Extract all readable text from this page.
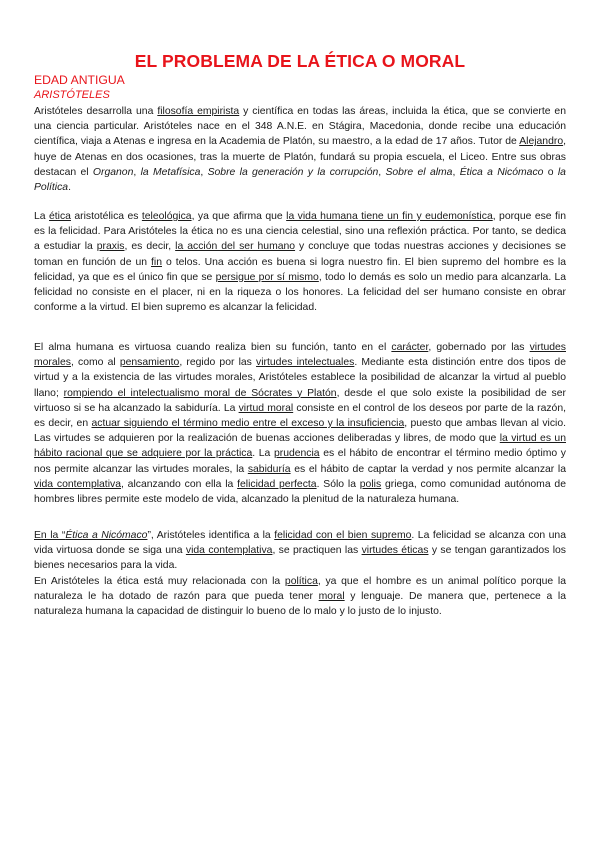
EL PROBLEMA DE LA ÉTICA O MORAL
EDAD ANTIGUA
ARISTÓTELES

Aristóteles desarrolla una filosofía empirista y científica en todas las áreas, incluida la ética, que se convierte en una ciencia particular. Aristóteles nace en el 348 A.N.E. en Stágira, Macedonia, donde recibe una educación científica, viaja a Atenas e ingresa en la Academia de Platón, su maestro, a la edad de 17 años. Tutor de Alejandro, huye de Atenas en dos ocasiones, tras la muerte de Platón, fundará su propia escuela, el Liceo. Entre sus obras destacan el Organon, la Metafísica, Sobre la generación y la corrupción, Sobre el alma, Ética a Nicómaco o la Política.

La ética aristotélica es teleológica, ya que afirma que la vida humana tiene un fin y eudemonística, porque ese fin es la felicidad. Para Aristóteles la ética no es una ciencia celestial, sino una reflexión práctica. Por tanto, se dedica a estudiar la praxis, es decir, la acción del ser humano y concluye que todas nuestras acciones y decisiones se toman en función de un fin o telos. Una acción es buena si logra nuestro fin. El bien supremo del hombre es la felicidad, ya que es el único fin que se persigue por sí mismo, todo lo demás es solo un medio para alcanzarla. La felicidad no consiste en el placer, ni en la riqueza o los honores. La felicidad del ser humano consiste en obrar conforme a la virtud. El bien supremo es alcanzar la felicidad.

El alma humana es virtuosa cuando realiza bien su función, tanto en el carácter, gobernado por las virtudes morales, como al pensamiento, regido por las virtudes intelectuales. Mediante esta distinción entre dos tipos de virtud y a la existencia de las virtudes morales, Aristóteles establece la posibilidad de alcanzar la virtud al pueblo llano; rompiendo el intelectualismo moral de Sócrates y Platón, desde el que solo existe la posibilidad de ser virtuoso si se ha alcanzado la sabiduría. La virtud moral consiste en el control de los deseos por parte de la razón, es decir, en actuar siguiendo el término medio entre el exceso y la insuficiencia, puesto que ambas llevan al vicio. Las virtudes se adquieren por la realización de buenas acciones deliberadas y libres, de modo que la virtud es un hábito racional que se adquiere por la práctica. La prudencia es el hábito de encontrar el término medio óptimo y nos permite alcanzar las virtudes morales, la sabiduría es el hábito de captar la verdad y nos permite alcanzar la vida contemplativa, alcanzando con ella la felicidad perfecta. Sólo la polis griega, como comunidad autónoma de hombres libres permite este modelo de vida, alcanzado la plenitud de la naturaleza humana.

En la “Ética a Nicómaco”, Aristóteles identifica a la felicidad con el bien supremo. La felicidad se alcanza con una vida virtuosa donde se siga una vida contemplativa, se practiquen las virtudes éticas y se tengan garantizados los bienes necesarios para la vida.

En Aristóteles la ética está muy relacionada con la política, ya que el hombre es un animal político porque la naturaleza le ha dotado de razón para que pueda tener moral y lenguaje. De manera que, pertenece a la naturaleza humana la capacidad de distinguir lo bueno de lo malo y lo justo de lo injusto.
